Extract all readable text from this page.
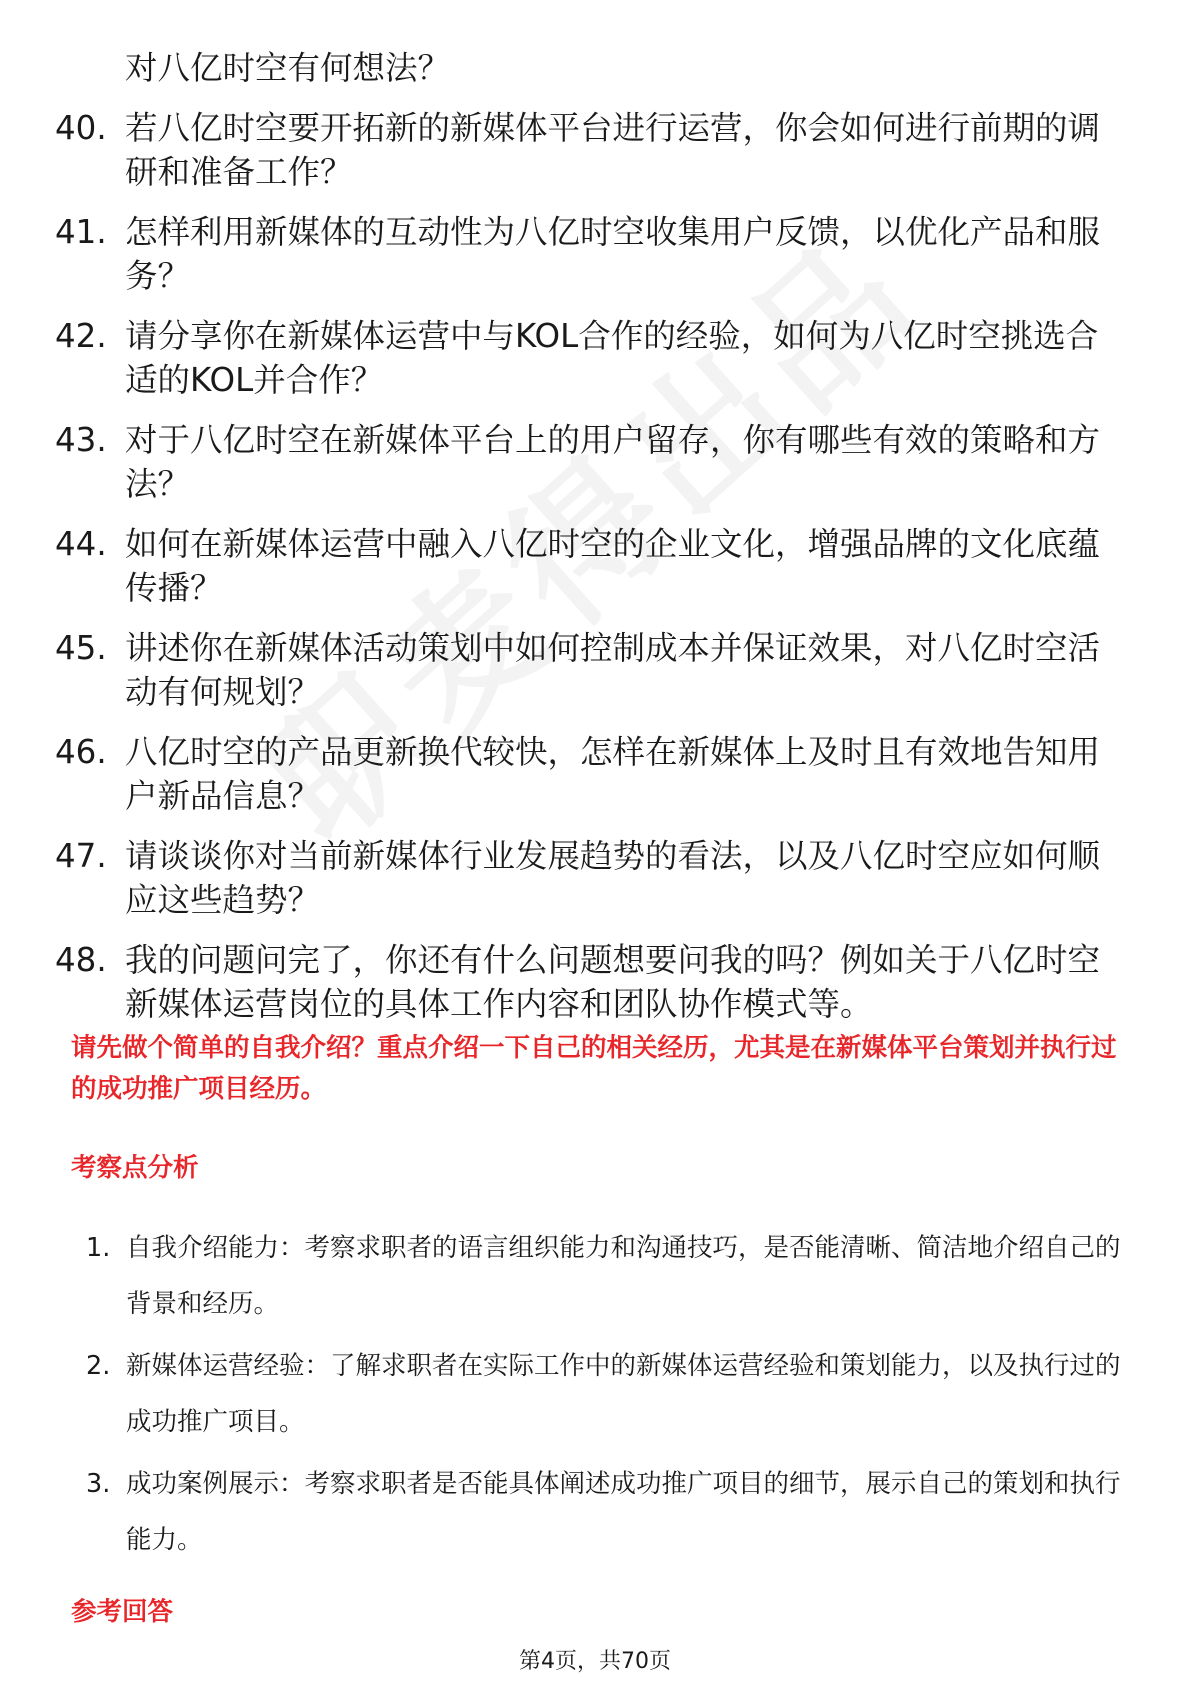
对八亿时空有何想法？
40. 若八亿时空要开拓新的新媒体平台进行运营，你会如何进行前期的调研和准备工作？
41. 怎样利用新媒体的互动性为八亿时空收集用户反馈，以优化产品和服务？
42. 请分享你在新媒体运营中与KOL合作的经验，如何为八亿时空挑选合适的KOL并合作？
43. 对于八亿时空在新媒体平台上的用户留存，你有哪些有效的策略和方法？
44. 如何在新媒体运营中融入八亿时空的企业文化，增强品牌的文化底蕴传播？
45. 讲述你在新媒体活动策划中如何控制成本并保证效果，对八亿时空活动有何规划？
46. 八亿时空的产品更新换代较快，怎样在新媒体上及时且有效地告知用户新品信息？
47. 请谈谈你对当前新媒体行业发展趋势的看法，以及八亿时空应如何顺应这些趋势？
48. 我的问题问完了，你还有什么问题想要问我的吗？例如关于八亿时空新媒体运营岗位的具体工作内容和团队协作模式等。
请先做个简单的自我介绍？重点介绍一下自己的相关经历，尤其是在新媒体平台策划并执行过的成功推广项目经历。
考察点分析
1. 自我介绍能力：考察求职者的语言组织能力和沟通技巧，是否能清晰、简洁地介绍自己的背景和经历。
2. 新媒体运营经验：了解求职者在实际工作中的新媒体运营经验和策划能力，以及执行过的成功推广项目。
3. 成功案例展示：考察求职者是否能具体阐述成功推广项目的细节，展示自己的策划和执行能力。
参考回答
第4页，共70页
